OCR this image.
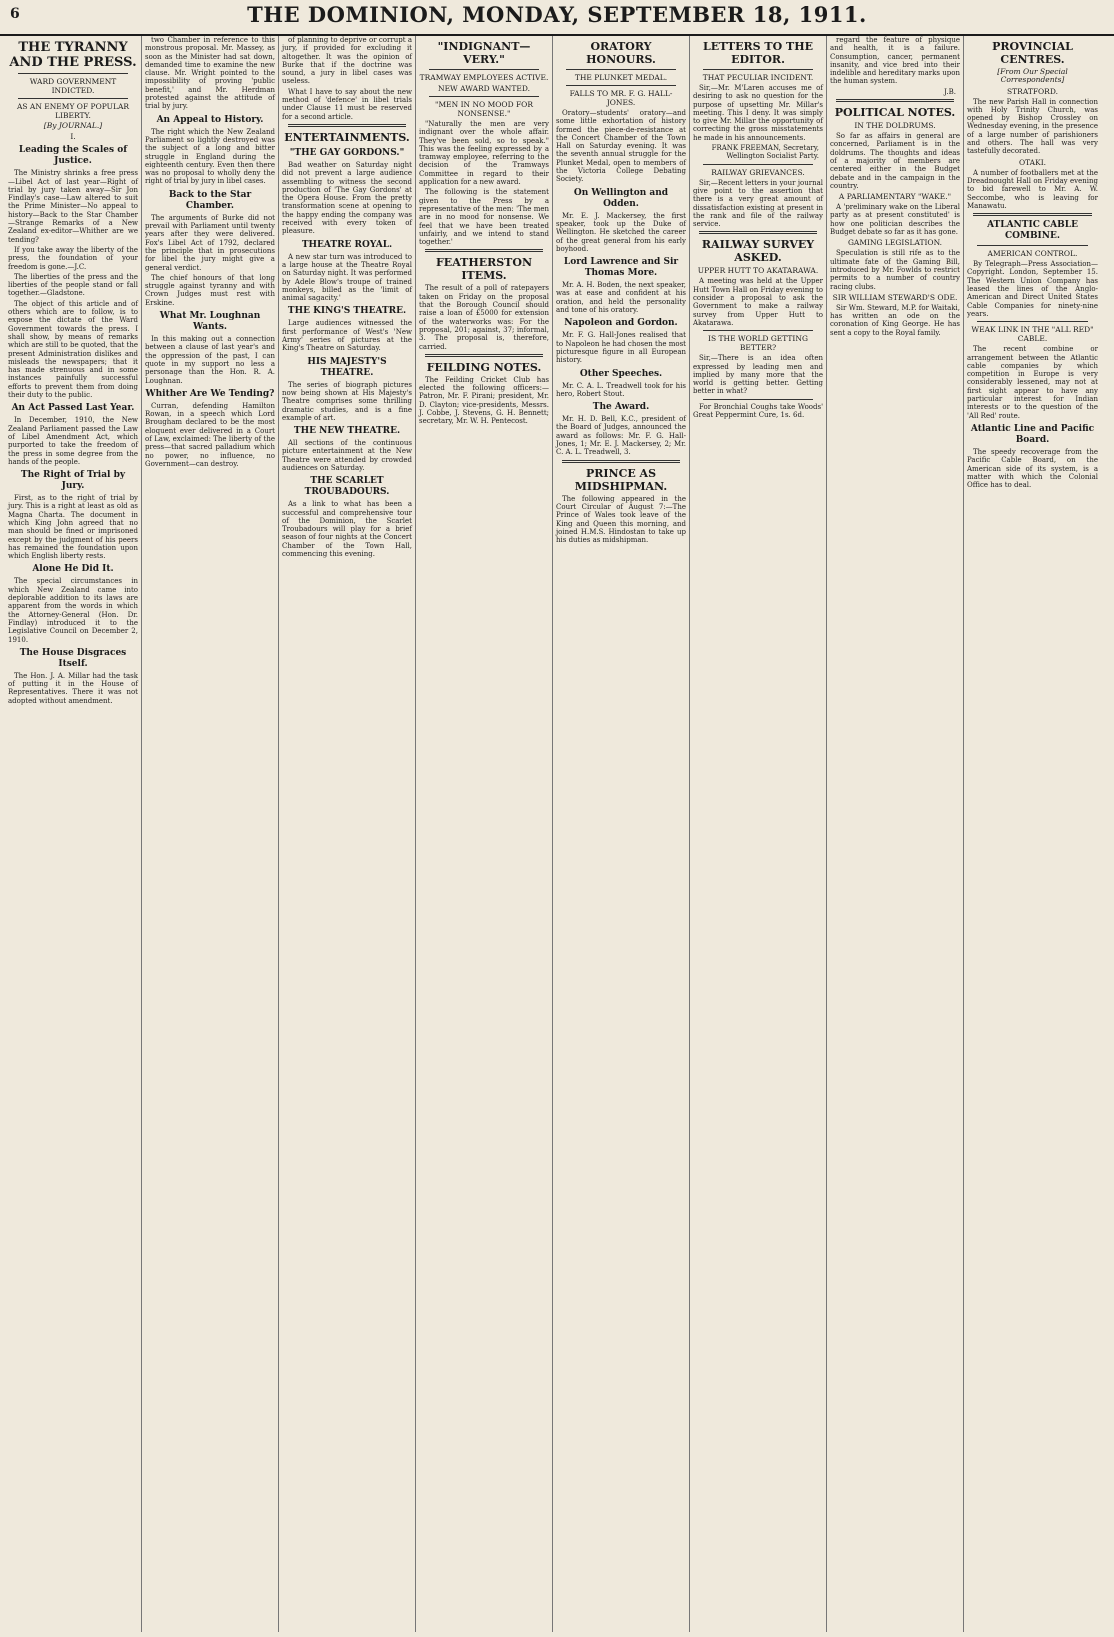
6	THE DOMINION, MONDAY, SEPTEMBER 18, 1911.
THE TYRANNY AND THE PRESS.
WARD GOVERNMENT INDICTED.
AS AN ENEMY OF POPULAR LIBERTY.
[By JOURNAL.]
I.
Leading the Scales of Justice.

The Ministry shrinks a free press—Libel Act of last year—Right of trial by jury taken away—Sir Jon Findlay's case—Law altered to suit the Prime Minister—No appeal to history—Back to the Star Chamber—Strange Remarks of a New Zealand ex-editor—Whither are we tending?

If you take away the liberty of the press, the foundation of your freedom is gone.—J.C.

The liberties of the press and the liberties of the people stand or fall together.—Gladstone.

The object of this article and of others which are to follow, is to expose the dictate of the Ward Government towards the press. I shall show, by means of remarks which are still to be quoted, that the present Administration dislikes and misleads the newspapers; that it has made strenuous and in some instances painfully successful efforts to prevent them from doing their duty to the public.

An Act Passed Last Year.

In December, 1910, the New Zealand Parliament passed the Law of Libel Amendment Act, which purported to take the freedom of the press in some degree from the hands of the people.

The Right of Trial by Jury.

First, as to the right of trial by jury. This is a right at least as old as Magna Charta. The document in which King John agreed that no man should be fined or imprisoned except by the judgment of his peers has remained the foundation upon which English liberty rests.

Alone He Did It.

The special circumstances in which New Zealand came into deplorable addition to its laws are apparent from the words in which the Attorney-General (Hon. Dr. Findlay) introduced it to the Legislative Council on December 2, 1910.

The House Disgraces Itself.

The Hon. J. A. Millar had the task of putting it in the House of Representatives. There it was not adopted without amendment.

two Chamber in reference to this monstrous proposal. Mr. Massey, as soon as the Minister had sat down, demanded time to examine the new clause. Mr. Wright pointed to the impossibility of proving 'public benefit,' and Mr. Herdman protested against the attitude of trial by jury.

An Appeal to History.

The right which the New Zealand Parliament so lightly destroyed was the subject of a long and bitter struggle in England during the eighteenth century. Even then there was no proposal to wholly deny the right of trial by jury in libel cases.

Back to the Star Chamber.

The arguments of Burke did not prevail with Parliament until twenty years after they were delivered. Fox's Libel Act of 1792, declared the principle that in prosecutions for libel the jury might give a general verdict.

The chief honours of that long struggle against tyranny and with Crown Judges must rest with Erskine.

What Mr. Loughnan Wants.

In this making out a connection between a clause of last year's and the oppression of the past, I can quote in my support no less a personage than the Hon. R. A. Loughnan.

Whither Are We Tending?

Curran, defending Hamilton Rowan, in a speech which Lord Brougham declared to be the most eloquent ever delivered in a Court of Law, exclaimed: The liberty of the press—that sacred palladium which no power, no influence, no Government—can destroy.

of planning to deprive or corrupt a jury, if provided for excluding it altogether. It was the opinion of Burke that if the doctrine was sound, a jury in libel cases was useless.

What I have to say about the new method of 'defence' in libel trials under Clause 11 must be reserved for a second article.

ENTERTAINMENTS.
"THE GAY GORDONS."

Bad weather on Saturday night did not prevent a large audience assembling to witness the second production of 'The Gay Gordons' at the Opera House. From the pretty transformation scene at opening to the happy ending the company was received with every token of pleasure.

THEATRE ROYAL.

A new star turn was introduced to a large house at the Theatre Royal on Saturday night. It was performed by Adele Blow's troupe of trained monkeys, billed as the 'limit of animal sagacity.'

THE KING'S THEATRE.

Large audiences witnessed the first performance of West's 'New Army' series of pictures at the King's Theatre on Saturday.

HIS MAJESTY'S THEATRE.

The series of biograph pictures now being shown at His Majesty's Theatre comprises some thrilling dramatic studies, and is a fine example of art.

THE NEW THEATRE.

All sections of the continuous picture entertainment at the New Theatre were attended by crowded audiences on Saturday.

THE SCARLET TROUBADOURS.

As a link to what has been a successful and comprehensive tour of the Dominion, the Scarlet Troubadours will play for a brief season of four nights at the Concert Chamber of the Town Hall, commencing this evening.

"INDIGNANT—VERY."
TRAMWAY EMPLOYEES ACTIVE.
NEW AWARD WANTED.
"MEN IN NO MOOD FOR NONSENSE."

"Naturally the men are very indignant over the whole affair. They've been sold, so to speak." This was the feeling expressed by a tramway employee, referring to the decision of the Tramways Committee in regard to their application for a new award.

The following is the statement given to the Press by a representative of the men: 'The men are in no mood for nonsense. We feel that we have been treated unfairly, and we intend to stand together.'

FEATHERSTON ITEMS.

The result of a poll of ratepayers taken on Friday on the proposal that the Borough Council should raise a loan of £5000 for extension of the waterworks was: For the proposal, 201; against, 37; informal, 3. The proposal is, therefore, carried.

FEILDING NOTES.

The Feilding Cricket Club has elected the following officers:—Patron, Mr. F. Pirani; president, Mr. D. Clayton; vice-presidents, Messrs. J. Cobbe, J. Stevens, G. H. Bennett; secretary, Mr. W. H. Pentecost.

ORATORY HONOURS.
THE PLUNKET MEDAL.
FALLS TO MR. F. G. HALL-JONES.

Oratory—students' oratory—and some little exhortation of history formed the piece-de-resistance at the Concert Chamber of the Town Hall on Saturday evening. It was the seventh annual struggle for the Plunket Medal, open to members of the Victoria College Debating Society.

On Wellington and Odden.

Mr. E. J. Mackersey, the first speaker, took up the Duke of Wellington. He sketched the career of the great general from his early boyhood.

Lord Lawrence and Sir Thomas More.

Mr. A. H. Boden, the next speaker, was at ease and confident at his oration, and held the personality and tone of his oratory.

Napoleon and Gordon.

Mr. F. G. Hall-Jones realised that to Napoleon he had chosen the most picturesque figure in all European history.

Other Speeches.

Mr. C. A. L. Treadwell took for his hero, Robert Stout.

The Award.

Mr. H. D. Bell, K.C., president of the Board of Judges, announced the award as follows: Mr. F. G. Hall-Jones, 1; Mr. E. J. Mackersey, 2; Mr. C. A. L. Treadwell, 3.

PRINCE AS MIDSHIPMAN.

The following appeared in the Court Circular of August 7:—The Prince of Wales took leave of the King and Queen this morning, and joined H.M.S. Hindostan to take up his duties as midshipman.

LETTERS TO THE EDITOR.
THAT PECULIAR INCIDENT.

Sir,—Mr. M'Laren accuses me of desiring to ask no question for the purpose of upsetting Mr. Millar's meeting. This I deny. It was simply to give Mr. Millar the opportunity of correcting the gross misstatements he made in his announcements.

FRANK FREEMAN, Secretary, Wellington Socialist Party.
RAILWAY GRIEVANCES.

Sir,—Recent letters in your journal give point to the assertion that there is a very great amount of dissatisfaction existing at present in the rank and file of the railway service.

RAILWAY SURVEY ASKED.
UPPER HUTT TO AKATARAWA.

A meeting was held at the Upper Hutt Town Hall on Friday evening to consider a proposal to ask the Government to make a railway survey from Upper Hutt to Akatarawa.

IS THE WORLD GETTING BETTER?

Sir,—There is an idea often expressed by leading men and implied by many more that the world is getting better. Getting better in what?

For Bronchial Coughs take Woods' Great Peppermint Cure, 1s. 6d.

regard the feature of physique and health, it is a failure. Consumption, cancer, permanent insanity, and vice bred into their indelible and hereditary marks upon the human system.

J.B.
POLITICAL NOTES.
IN THE DOLDRUMS.

So far as affairs in general are concerned, Parliament is in the doldrums. The thoughts and ideas of a majority of members are centered either in the Budget debate and in the campaign in the country.

A PARLIAMENTARY "WAKE."

A 'preliminary wake on the Liberal party as at present constituted' is how one politician describes the Budget debate so far as it has gone.

GAMING LEGISLATION.

Speculation is still rife as to the ultimate fate of the Gaming Bill, introduced by Mr. Fowlds to restrict permits to a number of country racing clubs.

SIR WILLIAM STEWARD'S ODE.

Sir Wm. Steward, M.P. for Waitaki, has written an ode on the coronation of King George. He has sent a copy to the Royal family.

PROVINCIAL CENTRES.
[From Our Special Correspondents]
STRATFORD.

The new Parish Hall in connection with Holy Trinity Church, was opened by Bishop Crossley on Wednesday evening, in the presence of a large number of parishioners and others. The hall was very tastefully decorated.

OTAKI.

A number of footballers met at the Dreadnought Hall on Friday evening to bid farewell to Mr. A. W. Seccombe, who is leaving for Manawatu.

ATLANTIC CABLE COMBINE.
AMERICAN CONTROL.

By Telegraph—Press Association—Copyright. London, September 15. The Western Union Company has leased the lines of the Anglo-American and Direct United States Cable Companies for ninety-nine years.

WEAK LINK IN THE "ALL RED" CABLE.

The recent combine or arrangement between the Atlantic cable companies by which competition in Europe is very considerably lessened, may not at first sight appear to have any particular interest for Indian interests or to the question of the 'All Red' route.

Atlantic Line and Pacific Board.

The speedy recoverage from the Pacific Cable Board, on the American side of its system, is a matter with which the Colonial Office has to deal.
